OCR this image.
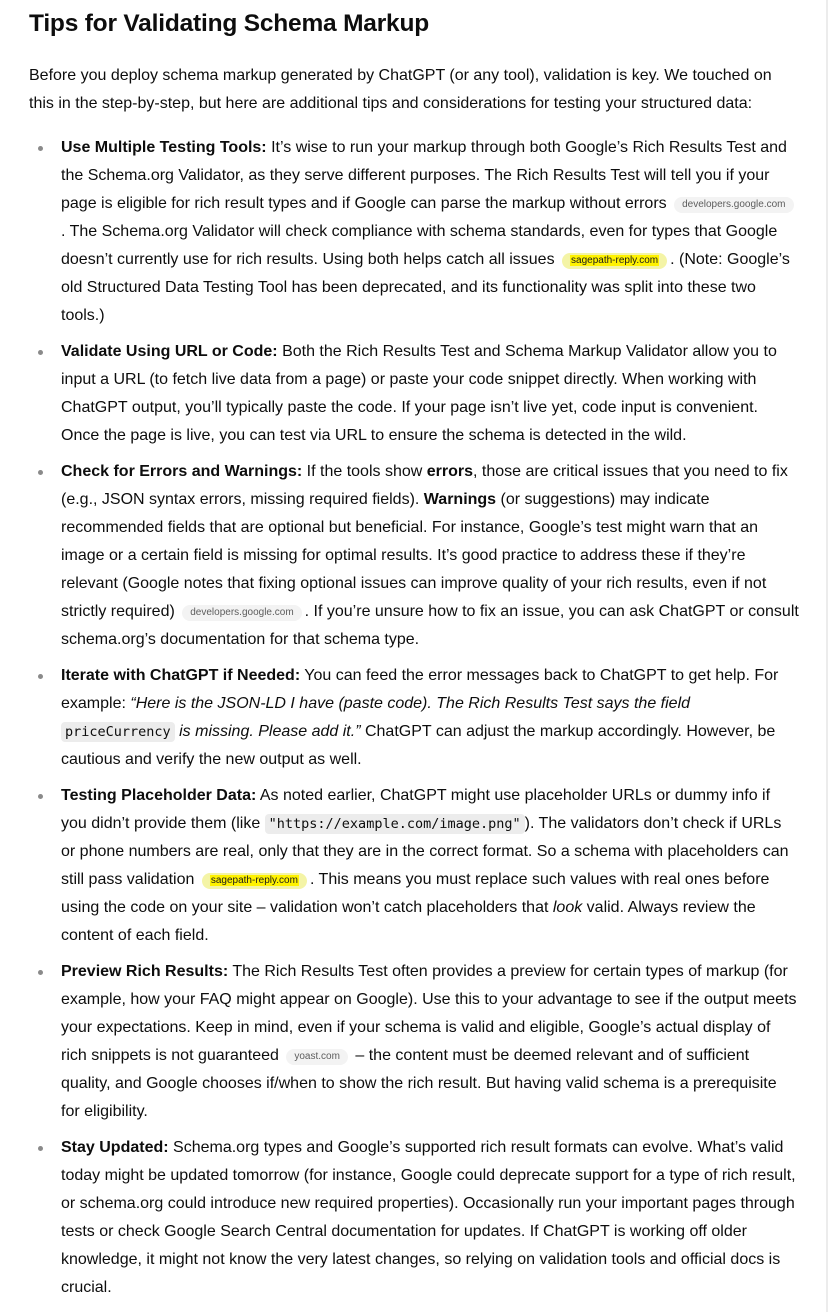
Tips for Validating Schema Markup

Before you deploy schema markup generated by ChatGPT (or any tool), validation is key. We touched on this in the step-by-step, but here are additional tips and considerations for testing your structured data:

Use Multiple Testing Tools: It’s wise to run your markup through both Google’s Rich Results Test and the Schema.org Validator, as they serve different purposes. The Rich Results Test will tell you if your page is eligible for rich result types and if Google can parse the markup without errors developers.google.com. The Schema.org Validator will check compliance with schema standards, even for types that Google doesn’t currently use for rich results. Using both helps catch all issues sagepath-reply.com . (Note: Google’s old Structured Data Testing Tool has been deprecated, and its functionality was split into these two tools.)
Validate Using URL or Code: Both the Rich Results Test and Schema Markup Validator allow you to input a URL (to fetch live data from a page) or paste your code snippet directly. When working with ChatGPT output, you’ll typically paste the code. If your page isn’t live yet, code input is convenient. Once the page is live, you can test via URL to ensure the schema is detected in the wild.
Check for Errors and Warnings: If the tools show errors, those are critical issues that you need to fix (e.g., JSON syntax errors, missing required fields). Warnings (or suggestions) may indicate recommended fields that are optional but beneficial. For instance, Google’s test might warn that an image or a certain field is missing for optimal results. It’s good practice to address these if they’re relevant (Google notes that fixing optional issues can improve quality of your rich results, even if not strictly required) developers.google.com . If you’re unsure how to fix an issue, you can ask ChatGPT or consult schema.org’s documentation for that schema type.
Iterate with ChatGPT if Needed: You can feed the error messages back to ChatGPT to get help. For example: “Here is the JSON-LD I have (paste code). The Rich Results Test says the field priceCurrency is missing. Please add it.” ChatGPT can adjust the markup accordingly. However, be cautious and verify the new output as well.
Testing Placeholder Data: As noted earlier, ChatGPT might use placeholder URLs or dummy info if you didn’t provide them (like "https://example.com/image.png" ). The validators don’t check if URLs or phone numbers are real, only that they are in the correct format. So a schema with placeholders can still pass validation sagepath-reply.com . This means you must replace such values with real ones before using the code on your site – validation won’t catch placeholders that look valid. Always review the content of each field.
Preview Rich Results: The Rich Results Test often provides a preview for certain types of markup (for example, how your FAQ might appear on Google). Use this to your advantage to see if the output meets your expectations. Keep in mind, even if your schema is valid and eligible, Google’s actual display of rich snippets is not guaranteed yoast.com – the content must be deemed relevant and of sufficient quality, and Google chooses if/when to show the rich result. But having valid schema is a prerequisite for eligibility.
Stay Updated: Schema.org types and Google’s supported rich result formats can evolve. What’s valid today might be updated tomorrow (for instance, Google could deprecate support for a type of rich result, or schema.org could introduce new required properties). Occasionally run your important pages through tests or check Google Search Central documentation for updates. If ChatGPT is working off older knowledge, it might not know the very latest changes, so relying on validation tools and official docs is crucial.
